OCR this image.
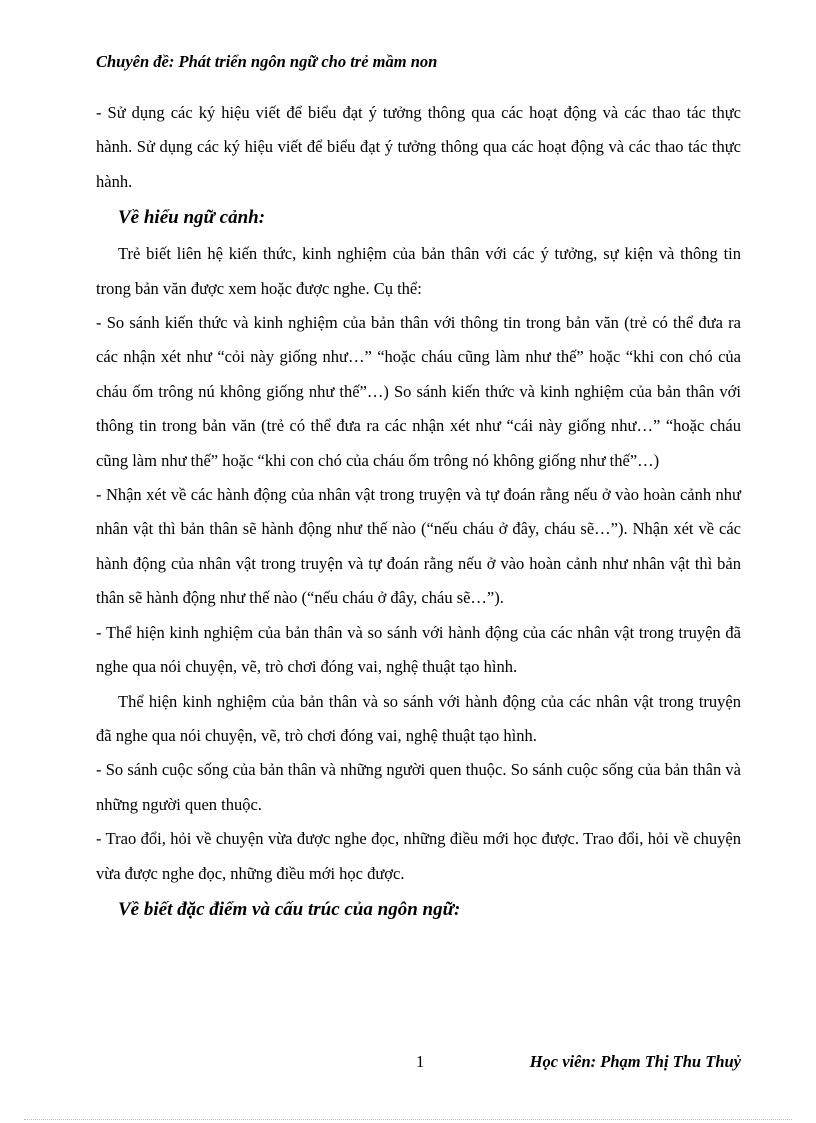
Chuyên đề: Phát triển ngôn ngữ cho trẻ mầm non

- Sử dụng các ký hiệu viết để biểu đạt ý tưởng thông qua các hoạt động và các thao tác thực hành. Sử dụng các ký hiệu viết để biểu đạt ý tưởng thông qua các hoạt động và các thao tác thực hành.

Về hiểu ngữ cảnh:

Trẻ biết liên hệ kiến thức, kinh nghiệm của bản thân với các ý tưởng, sự kiện và thông tin trong bản văn được xem hoặc được nghe. Cụ thể:

- So sánh kiến thức và kinh nghiệm của bản thân với thông tin trong bản văn (trẻ có thể đưa ra các nhận xét như “cỏi này giống như…” “hoặc cháu cũng làm như thế” hoặc “khi con chó của cháu ốm trông nú không giống như thế”…) So sánh kiến thức và kinh nghiệm của bản thân với thông tin trong bản văn (trẻ có thể đưa ra các nhận xét như “cái này giống như…” “hoặc cháu cũng làm như thế” hoặc “khi con chó của cháu ốm trông nó không giống như thế”…)

- Nhận xét về các hành động của nhân vật trong truyện và tự đoán rằng nếu ở vào hoàn cảnh như nhân vật thì bản thân sẽ hành động như thế nào (“nếu cháu ở đây, cháu sẽ…”). Nhận xét về các hành động của nhân vật trong truyện và tự đoán rằng nếu ở vào hoàn cảnh như nhân vật thì bản thân sẽ hành động như thế nào (“nếu cháu ở đây, cháu sẽ…”).

- Thể hiện kinh nghiệm của bản thân và so sánh với hành động của các nhân vật trong truyện đã nghe qua nói chuyện, vẽ, trò chơi đóng vai, nghệ thuật tạo hình.

Thể hiện kinh nghiệm của bản thân và so sánh với hành động của các nhân vật trong truyện đã nghe qua nói chuyện, vẽ, trò chơi đóng vai, nghệ thuật tạo hình.

- So sánh cuộc sống của bản thân và những người quen thuộc. So sánh cuộc sống của bản thân và những người quen thuộc.

- Trao đổi, hỏi về chuyện vừa được nghe đọc, những điều mới học được. Trao đổi, hỏi về chuyện vừa được nghe đọc, những điều mới học được.

Về biết đặc điểm và cấu trúc của ngôn ngữ:

1	Học viên: Phạm Thị Thu Thuỷ
